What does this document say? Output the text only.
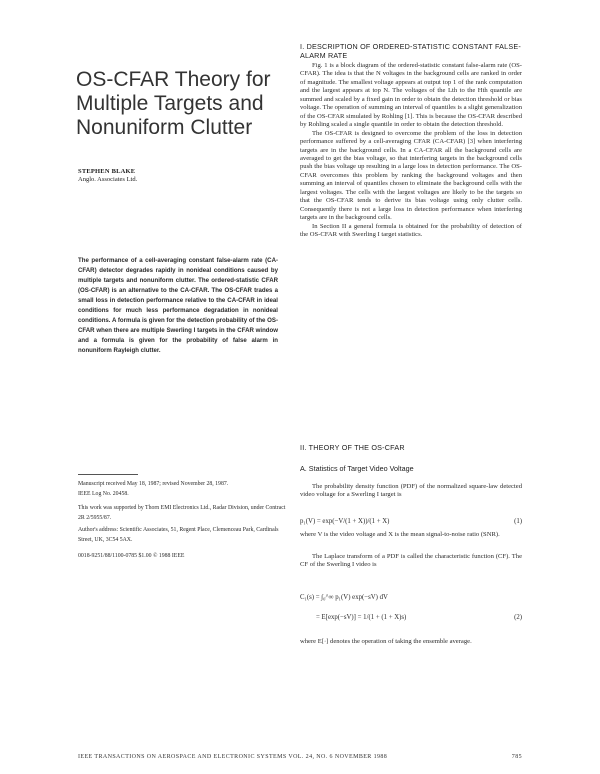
OS-CFAR Theory for Multiple Targets and Nonuniform Clutter
STEPHEN BLAKE
Anglo. Associates Ltd.
The performance of a cell-averaging constant false-alarm rate (CA-CFAR) detector degrades rapidly in nonideal conditions caused by multiple targets and nonuniform clutter. The ordered-statistic CFAR (OS-CFAR) is an alternative to the CA-CFAR. The OS-CFAR trades a small loss in detection performance relative to the CA-CFAR in ideal conditions for much less performance degradation in nonideal conditions. A formula is given for the detection probability of the OS-CFAR when there are multiple Swerling I targets in the CFAR window and a formula is given for the probability of false alarm in nonuniform Rayleigh clutter.
Manuscript received May 18, 1987; revised November 28, 1987.
IEEE Log No. 20458.
This work was supported by Thorn EMI Electronics Ltd., Radar Division, under Contract 2R 2/5955/87.
Author's address: Scientific Associates, 51, Regent Place, Clemenceau Park, Cardinals Street, UK, 3C54 5AX.
0018-9251/88/1100-0785 $1.00 © 1988 IEEE
I. DESCRIPTION OF ORDERED-STATISTIC CONSTANT FALSE-ALARM RATE

Fig. 1 is a block diagram of the ordered-statistic constant false-alarm rate (OS-CFAR). The idea is that the N voltages in the background cells are ranked in order of magnitude. The smallest voltage appears at output top 1 of the rank computation and the largest appears at top N. The voltages of the Lth to the Hth quantile are summed and scaled by a fixed gain in order to obtain the detection threshold or bias voltage. The operation of summing an interval of quantiles is a slight generalization of the OS-CFAR simulated by Rohling [1]. This is because the OS-CFAR described by Rohling scaled a single quantile in order to obtain the detection threshold.

The OS-CFAR is designed to overcome the problem of the loss in detection performance suffered by a cell-averaging CFAR (CA-CFAR) [3] when interfering targets are in the background cells. In a CA-CFAR all the background cells are averaged to get the bias voltage, so that interfering targets in the background cells push the bias voltage up resulting in a large loss in detection performance. The OS-CFAR overcomes this problem by ranking the background voltages and then summing an interval of quantiles chosen to eliminate the background cells with the largest voltages. The cells with the largest voltages are likely to be the targets so that the OS-CFAR tends to derive its bias voltage using only clutter cells. Consequently there is not a large loss in detection performance when interfering targets are in the background cells.

In Section II a general formula is obtained for the probability of detection of the OS-CFAR with Swerling I target statistics.

II. THEORY OF THE OS-CFAR
A. Statistics of Target Video Voltage

The probability density function (PDF) of the normalized square-law detected video voltage for a Swerling I target is

p₁(V) = exp(−V/(1 + X))/(1 + X)	(1)

where V is the video voltage and X is the mean signal-to-noise ratio (SNR).

The Laplace transform of a PDF is called the characteristic function (CF). The CF of the Swerling I video is

C₁(s) = ∫₀^∞ p₁(V) exp(−sV) dV
= E[exp(−sV)] = 1/(1 + (1 + X)s)	(2)

where E[·] denotes the operation of taking the ensemble average.

IEEE TRANSACTIONS ON AEROSPACE AND ELECTRONIC SYSTEMS VOL. 24, NO. 6 NOVEMBER 1988	785
